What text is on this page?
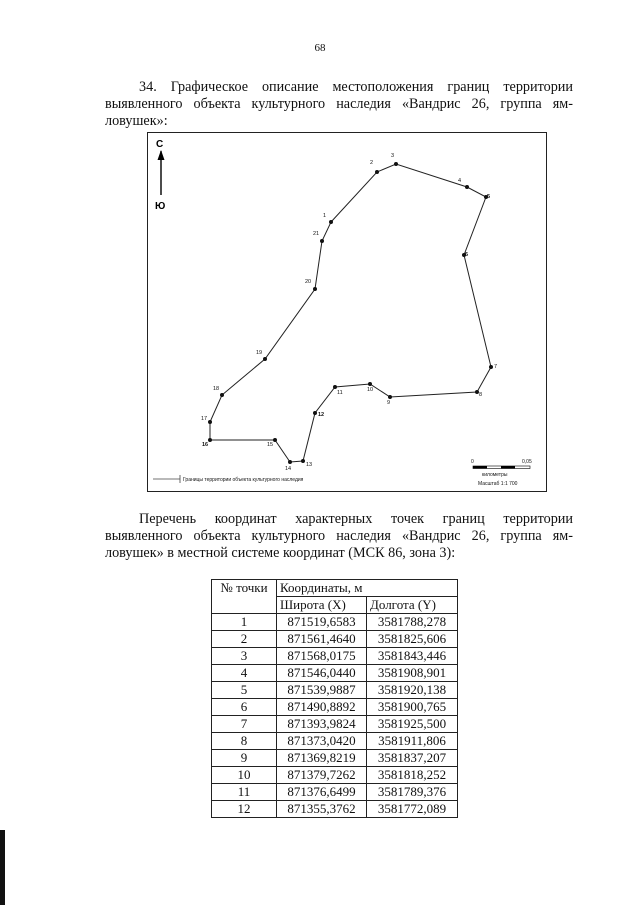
68

34. Графическое описание местоположения границ территории выявленного объекта культурного наследия «Вандрис 26, группа ям-ловушек»:

С
Ю
1
2
3
4
5
6
7
8
9
10
11
12
13
14
15
16
17
18
19
20
21
Границы территории объекта культурного наследия
0	0,05
километры
Масштаб 1:1 700

Перечень координат характерных точек границ территории выявленного объекта культурного наследия «Вандрис 26, группа ям-ловушек» в местной системе координат (МСК 86, зона 3):

№ точки	Координаты, м	
	Широта (X)	Долгота (Y)
1	871519,6583	3581788,278
2	871561,4640	3581825,606
3	871568,0175	3581843,446
4	871546,0440	3581908,901
5	871539,9887	3581920,138
6	871490,8892	3581900,765
7	871393,9824	3581925,500
8	871373,0420	3581911,806
9	871369,8219	3581837,207
10	871379,7262	3581818,252
11	871376,6499	3581789,376
12	871355,3762	3581772,089
